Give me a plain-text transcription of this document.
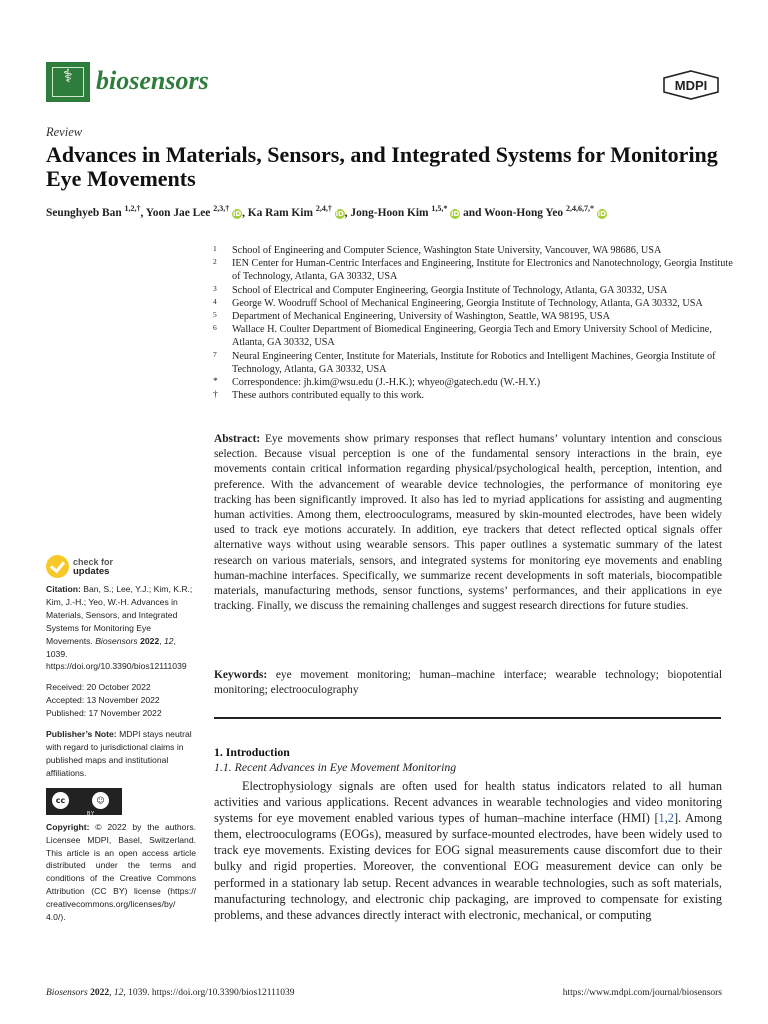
⚕ biosensors	MDPI
Review
Advances in Materials, Sensors, and Integrated Systems for Monitoring Eye Movements
Seunghyeb Ban $^{1,2,\dagger}$, Yoon Jae Lee $^{2,3,\dagger}$ iD, Ka Ram Kim $^{2,4,\dagger}$ iD, Jong-Hoon Kim $^{1,5,*}$ iD and Woon-Hong Yeo $^{2,4,6,7,*}$ iD
1 School of Engineering and Computer Science, Washington State University, Vancouver, WA 98686, USA
2 IEN Center for Human-Centric Interfaces and Engineering, Institute for Electronics and Nanotechnology, Georgia Institute of Technology, Atlanta, GA 30332, USA
3 School of Electrical and Computer Engineering, Georgia Institute of Technology, Atlanta, GA 30332, USA
4 George W. Woodruff School of Mechanical Engineering, Georgia Institute of Technology, Atlanta, GA 30332, USA
5 Department of Mechanical Engineering, University of Washington, Seattle, WA 98195, USA
6 Wallace H. Coulter Department of Biomedical Engineering, Georgia Tech and Emory University School of Medicine, Atlanta, GA 30332, USA
7 Neural Engineering Center, Institute for Materials, Institute for Robotics and Intelligent Machines, Georgia Institute of Technology, Atlanta, GA 30332, USA
* Correspondence: jh.kim@wsu.edu (J.-H.K.); whyeo@gatech.edu (W.-H.Y.)
† These authors contributed equally to this work.
Abstract: Eye movements show primary responses that reflect humans’ voluntary intention and conscious selection. Because visual perception is one of the fundamental sensory interactions in the brain, eye movements contain critical information regarding physical/psychological health, perception, intention, and preference. With the advancement of wearable device technologies, the performance of monitoring eye tracking has been significantly improved. It also has led to myriad applications for assisting and augmenting human activities. Among them, electrooculograms, measured by skin-mounted electrodes, have been widely used to track eye motions accurately. In addition, eye trackers that detect reflected optical signals offer alternative ways without using wearable sensors. This paper outlines a systematic summary of the latest research on various materials, sensors, and integrated systems for monitoring eye movements and enabling human-machine interfaces. Specifically, we summarize recent developments in soft materials, biocompatible materials, manufacturing methods, sensor functions, systems’ performances, and their applications in eye tracking. Finally, we discuss the remaining challenges and suggest research directions for future studies.
Keywords: eye movement monitoring; human–machine interface; wearable technology; biopotential monitoring; electrooculography
check for
updates

Citation: Ban, S.; Lee, Y.J.; Kim, K.R.; Kim, J.-H.; Yeo, W.-H. Advances in Materials, Sensors, and Integrated Systems for Monitoring Eye Movements. Biosensors 2022, 12, 1039. https://doi.org/10.3390/bios12111039

Received: 20 October 2022

Accepted: 13 November 2022

Published: 17 November 2022

Publisher’s Note: MDPI stays neutral with regard to jurisdictional claims in published maps and institutional affiliations.

cc	☺
BY

Copyright: © 2022 by the authors. Licensee MDPI, Basel, Switzerland. This article is an open access article distributed under the terms and conditions of the Creative Commons Attribution (CC BY) license (https:// creativecommons.org/licenses/by/ 4.0/).

1. Introduction
1.1. Recent Advances in Eye Movement Monitoring
Electrophysiology signals are often used for health status indicators related to all human activities and various applications. Recent advances in wearable technologies and video monitoring systems for eye movement enabled various types of human–machine interface (HMI) [1,2]. Among them, electrooculograms (EOGs), measured by surface-mounted electrodes, have been widely used to track eye movements. Existing devices for EOG signal measurements cause discomfort due to their bulky and rigid properties. Moreover, the conventional EOG measurement device can only be performed in a stationary lab setup. Recent advances in wearable technologies, such as soft materials, manufacturing technology, and electronic chip packaging, are improved to compensate for existing problems, and these advances directly interact with electronic, mechanical, or computing
Biosensors 2022, 12, 1039. https://doi.org/10.3390/bios12111039	https://www.mdpi.com/journal/biosensors
